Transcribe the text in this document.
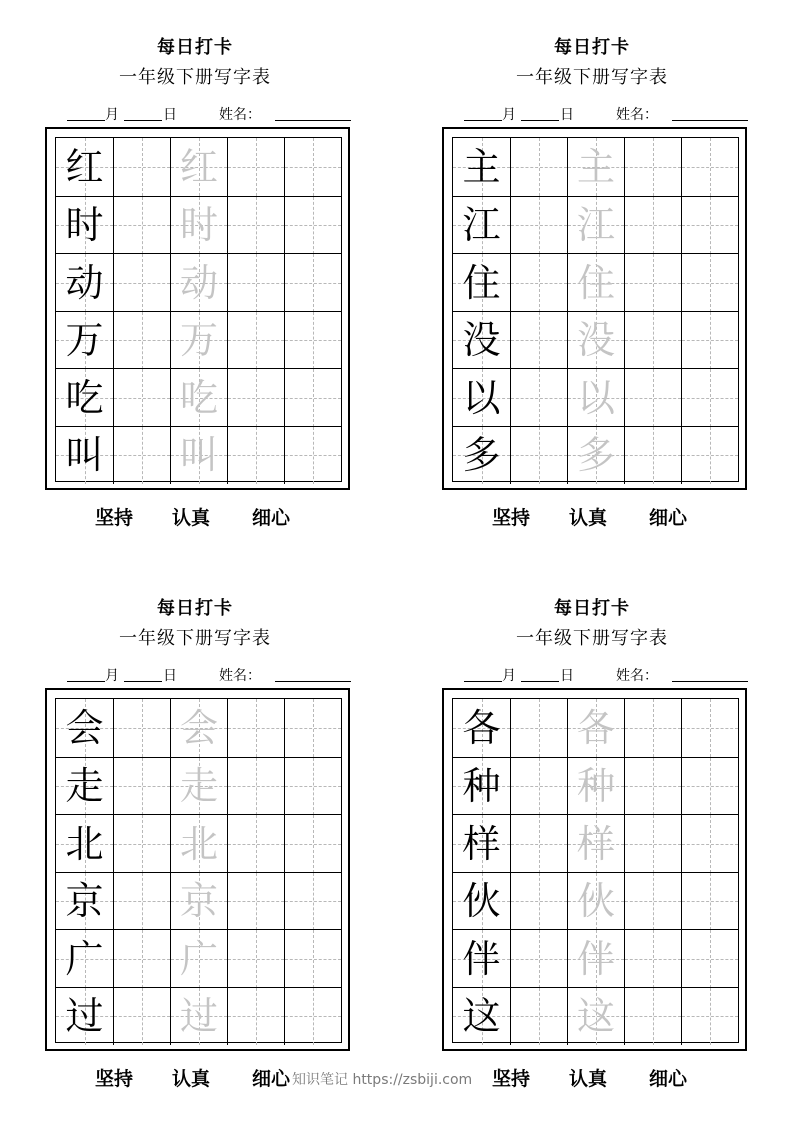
每日打卡
一年级下册写字表
月	日	姓名：
红 红
时 时
动 动
万 万
吃 吃
叫 叫
坚持 认真 细心
每日打卡
一年级下册写字表
月	日	姓名：
主 主
江 江
住 住
没 没
以 以
多 多
坚持 认真 细心
每日打卡
一年级下册写字表
月	日	姓名：
会 会
走 走
北 北
京 京
广 广
过 过
坚持 认真 细心
每日打卡
一年级下册写字表
月	日	姓名：
各 各
种 种
样 样
伙 伙
伴 伴
这 这
坚持 认真 细心
知识笔记 https://zsbiji.com
